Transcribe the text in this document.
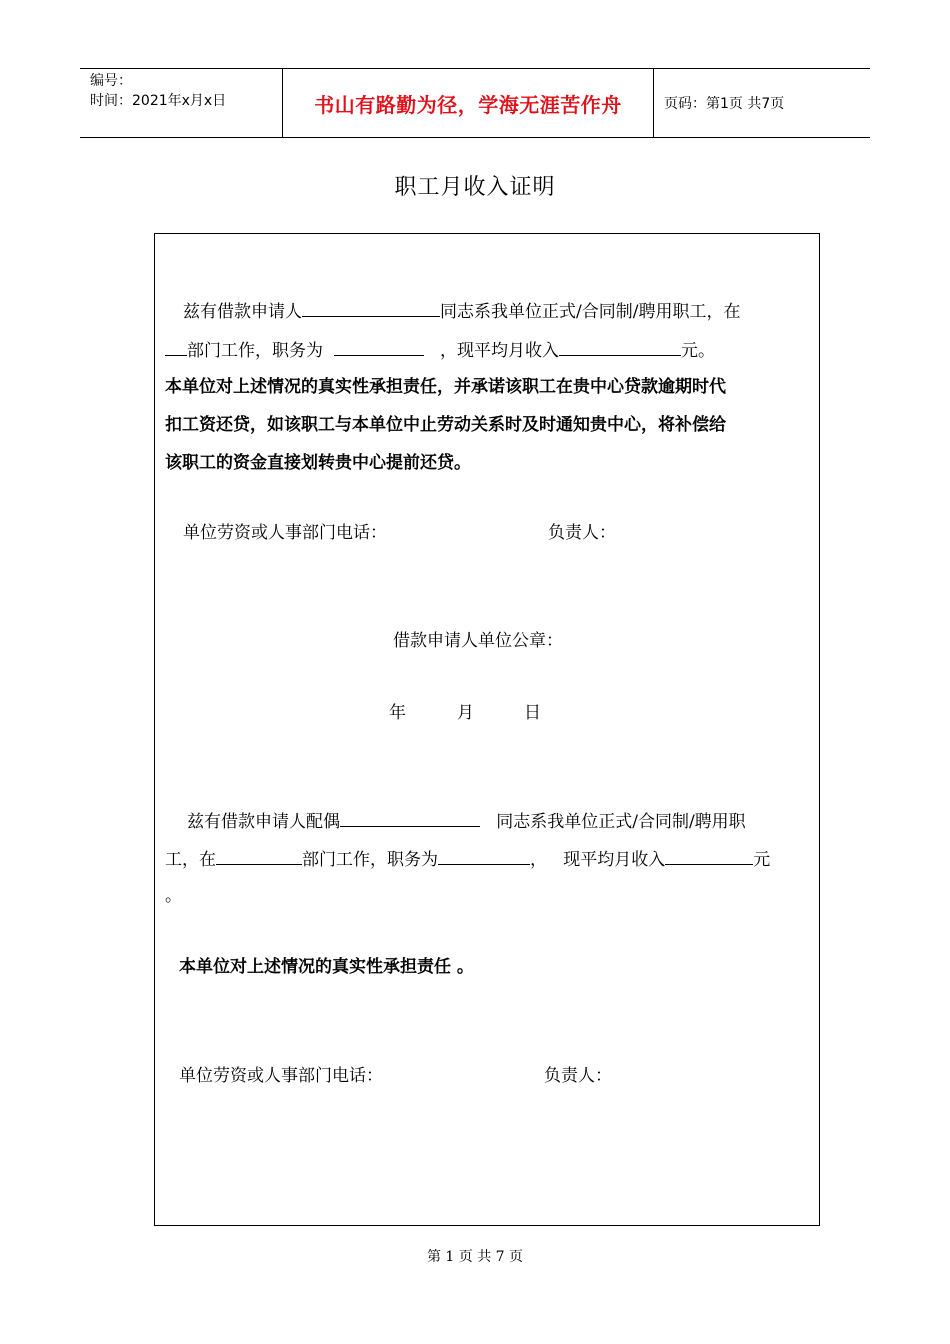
编号：
时间：2021年x月x日	书山有路勤为径，学海无涯苦作舟	页码：第1页 共7页
职工月收入证明
兹有借款申请人	同志系我单位正式/合同制/聘用职工，在
部门工作，职务为	，现平均月收入	元。
本单位对上述情况的真实性承担责任，并承诺该职工在贵中心贷款逾期时代
扣工资还贷，如该职工与本单位中止劳动关系时及时通知贵中心，将补偿给
该职工的资金直接划转贵中心提前还贷。
单位劳资或人事部门电话：	负责人：
借款申请人单位公章：
年	月	日
兹有借款申请人配偶	同志系我单位正式/合同制/聘用职
工，在	部门工作，职务为	， 现平均月收入	元
。
本单位对上述情况的真实性承担责任 。
单位劳资或人事部门电话：	负责人：
第 1 页 共 7 页
